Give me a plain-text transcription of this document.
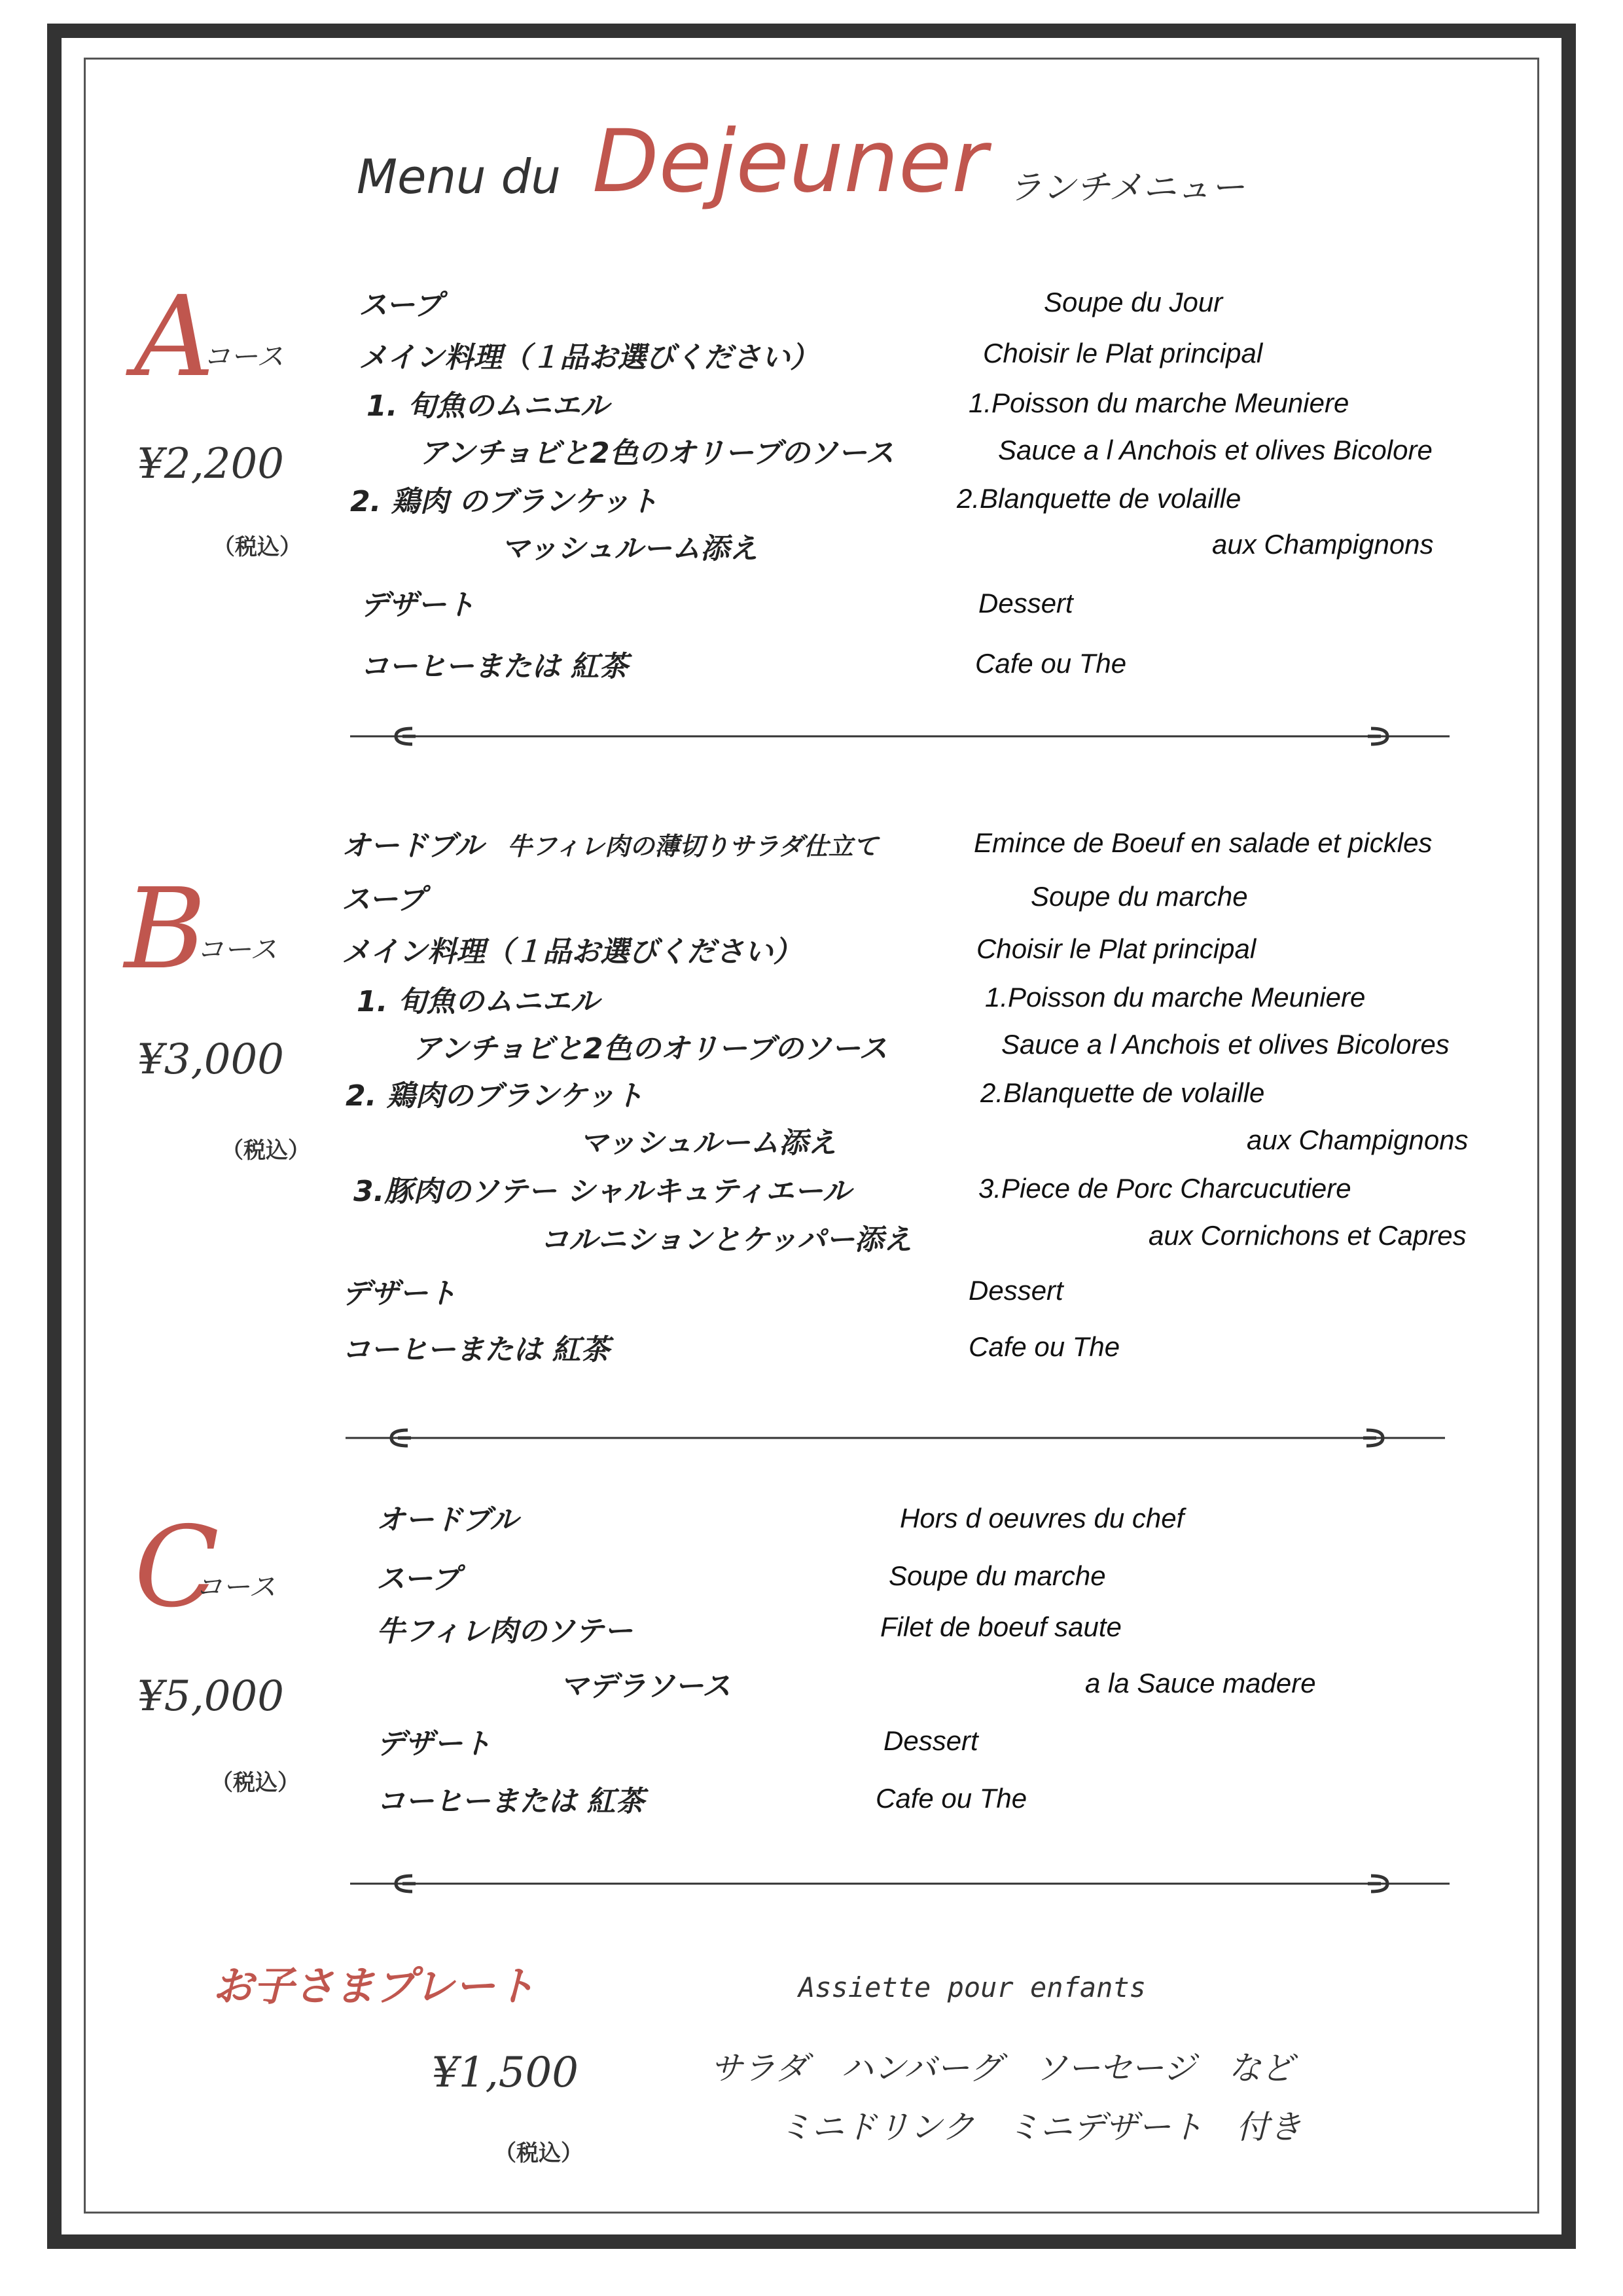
Menu du Dejeuner ランチメニュー
A
コース
¥2,200
（税込）
スープ
メイン料理（１品お選びください）
1. 旬魚のムニエル
アンチョビと2色のオリーブのソース
2. 鶏肉 のブランケット
マッシュルーム添え
デザート
コーヒーまたは 紅茶
Soupe du Jour
Choisir le Plat principal
1.Poisson du marche Meuniere
Sauce a l Anchois et olives Bicolore
2.Blanquette de volaille
aux Champignons
Dessert
Cafe ou The
B
コース
¥3,000
（税込）
オードブル 牛フィレ肉の薄切りサラダ仕立て
スープ
メイン料理（１品お選びください）
1. 旬魚のムニエル
アンチョビと2色のオリーブのソース
2. 鶏肉のブランケット
マッシュルーム添え
3.豚肉のソテー シャルキュティエール
コルニションとケッパー添え
デザート
コーヒーまたは 紅茶
Emince de Boeuf en salade et pickles
Soupe du marche
Choisir le Plat principal
1.Poisson du marche Meuniere
Sauce a l Anchois et olives Bicolores
2.Blanquette de volaille
aux Champignons
3.Piece de Porc Charcucutiere
aux Cornichons et Capres
Dessert
Cafe ou The
C
コース
¥5,000
（税込）
オードブル
スープ
牛フィレ肉のソテー
マデラソース
デザート
コーヒーまたは 紅茶
Hors d oeuvres du chef
Soupe du marche
Filet de boeuf saute
a la Sauce madere
Dessert
Cafe ou The
お子さまプレート	Assiette pour enfants
¥1,500
（税込）
サラダ　ハンバーグ　ソーセージ　など
ミニドリンク　ミニデザート　付き
